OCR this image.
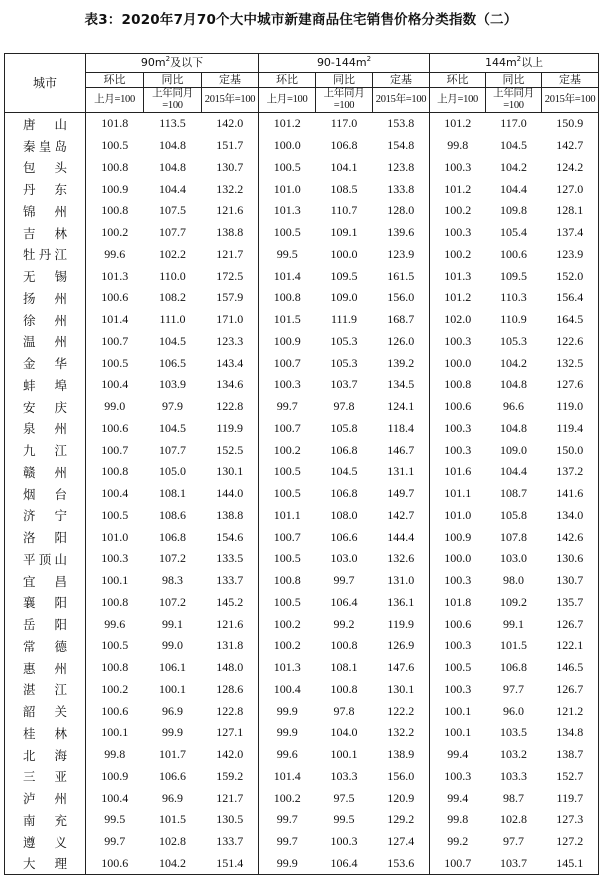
表3：2020年7月70个大中城市新建商品住宅销售价格分类指数（二）
城市	$90m^2$及以下			$90-144m^2$			$144m^2$以上		
	环比	同比	定基	环比	同比	定基	环比	同比	定基
	上月=100	上年同月=100	2015年=100	上月=100	上年同月=100	2015年=100	上月=100	上年同月=100	2015年=100
唐山	101.8	113.5	142.0	101.2	117.0	153.8	101.2	117.0	150.9
秦皇岛	100.5	104.8	151.7	100.0	106.8	154.8	99.8	104.5	142.7
包头	100.8	104.8	130.7	100.5	104.1	123.8	100.3	104.2	124.2
丹东	100.9	104.4	132.2	101.0	108.5	133.8	101.2	104.4	127.0
锦州	100.8	107.5	121.6	101.3	110.7	128.0	100.2	109.8	128.1
吉林	100.2	107.7	138.8	100.5	109.1	139.6	100.3	105.4	137.4
牡丹江	99.6	102.2	121.7	99.5	100.0	123.9	100.2	100.6	123.9
无锡	101.3	110.0	172.5	101.4	109.5	161.5	101.3	109.5	152.0
扬州	100.6	108.2	157.9	100.8	109.0	156.0	101.2	110.3	156.4
徐州	101.4	111.0	171.0	101.5	111.9	168.7	102.0	110.9	164.5
温州	100.7	104.5	123.3	100.9	105.3	126.0	100.3	105.3	122.6
金华	100.5	106.5	143.4	100.7	105.3	139.2	100.0	104.2	132.5
蚌埠	100.4	103.9	134.6	100.3	103.7	134.5	100.8	104.8	127.6
安庆	99.0	97.9	122.8	99.7	97.8	124.1	100.6	96.6	119.0
泉州	100.6	104.5	119.9	100.7	105.8	118.4	100.3	104.8	119.4
九江	100.7	107.7	152.5	100.2	106.8	146.7	100.3	109.0	150.0
赣州	100.8	105.0	130.1	100.5	104.5	131.1	101.6	104.4	137.2
烟台	100.4	108.1	144.0	100.5	106.8	149.7	101.1	108.7	141.6
济宁	100.5	108.6	138.8	101.1	108.0	142.7	101.0	105.8	134.0
洛阳	101.0	106.8	154.6	100.7	106.6	144.4	100.9	107.8	142.6
平顶山	100.3	107.2	133.5	100.5	103.0	132.6	100.0	103.0	130.6
宜昌	100.1	98.3	133.7	100.8	99.7	131.0	100.3	98.0	130.7
襄阳	100.8	107.2	145.2	100.5	106.4	136.1	101.8	109.2	135.7
岳阳	99.6	99.1	121.6	100.2	99.2	119.9	100.6	99.1	126.7
常德	100.5	99.0	131.8	100.2	100.8	126.9	100.3	101.5	122.1
惠州	100.8	106.1	148.0	101.3	108.1	147.6	100.5	106.8	146.5
湛江	100.2	100.1	128.6	100.4	100.8	130.1	100.3	97.7	126.7
韶关	100.6	96.9	122.8	99.9	97.8	122.2	100.1	96.0	121.2
桂林	100.1	99.9	127.1	99.9	104.0	132.2	100.1	103.5	134.8
北海	99.8	101.7	142.0	99.6	100.1	138.9	99.4	103.2	138.7
三亚	100.9	106.6	159.2	101.4	103.3	156.0	100.3	103.3	152.7
泸州	100.4	96.9	121.7	100.2	97.5	120.9	99.4	98.7	119.7
南充	99.5	101.5	130.5	99.7	99.5	129.2	99.8	102.8	127.3
遵义	99.7	102.8	133.7	99.7	100.3	127.4	99.2	97.7	127.2
大理	100.6	104.2	151.4	99.9	106.4	153.6	100.7	103.7	145.1
